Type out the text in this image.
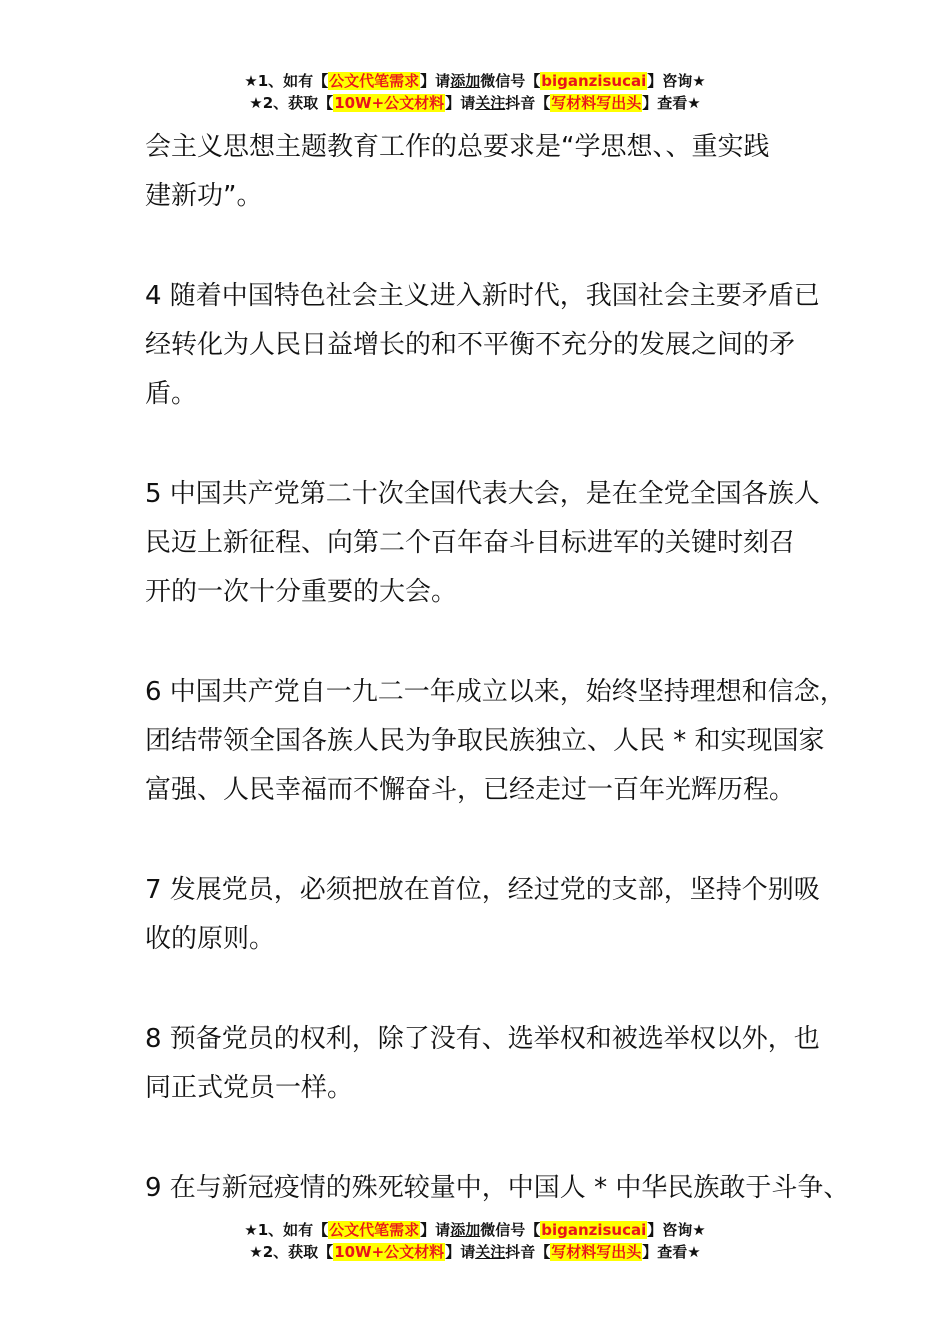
★1、如有【公文代笔需求】请添加微信号【biganzisucai】咨询★
★2、获取【10W+公文材料】请关注抖音【写材料写出头】查看★

会主义思想主题教育工作的总要求是“学思想、、重实践
建新功”。

4 随着中国特色社会主义进入新时代，我国社会主要矛盾已
经转化为人民日益增长的和不平衡不充分的发展之间的矛
盾。

5 中国共产党第二十次全国代表大会，是在全党全国各族人
民迈上新征程、向第二个百年奋斗目标进军的关键时刻召
开的一次十分重要的大会。

6 中国共产党自一九二一年成立以来，始终坚持理想和信念，
团结带领全国各族人民为争取民族独立、人民 * 和实现国家
富强、人民幸福而不懈奋斗，已经走过一百年光辉历程。

7 发展党员，必须把放在首位，经过党的支部，坚持个别吸
收的原则。

8 预备党员的权利，除了没有、选举权和被选举权以外，也
同正式党员一样。

9 在与新冠疫情的殊死较量中，中国人 * 中华民族敢于斗争、

★1、如有【公文代笔需求】请添加微信号【biganzisucai】咨询★
★2、获取【10W+公文材料】请关注抖音【写材料写出头】查看★
